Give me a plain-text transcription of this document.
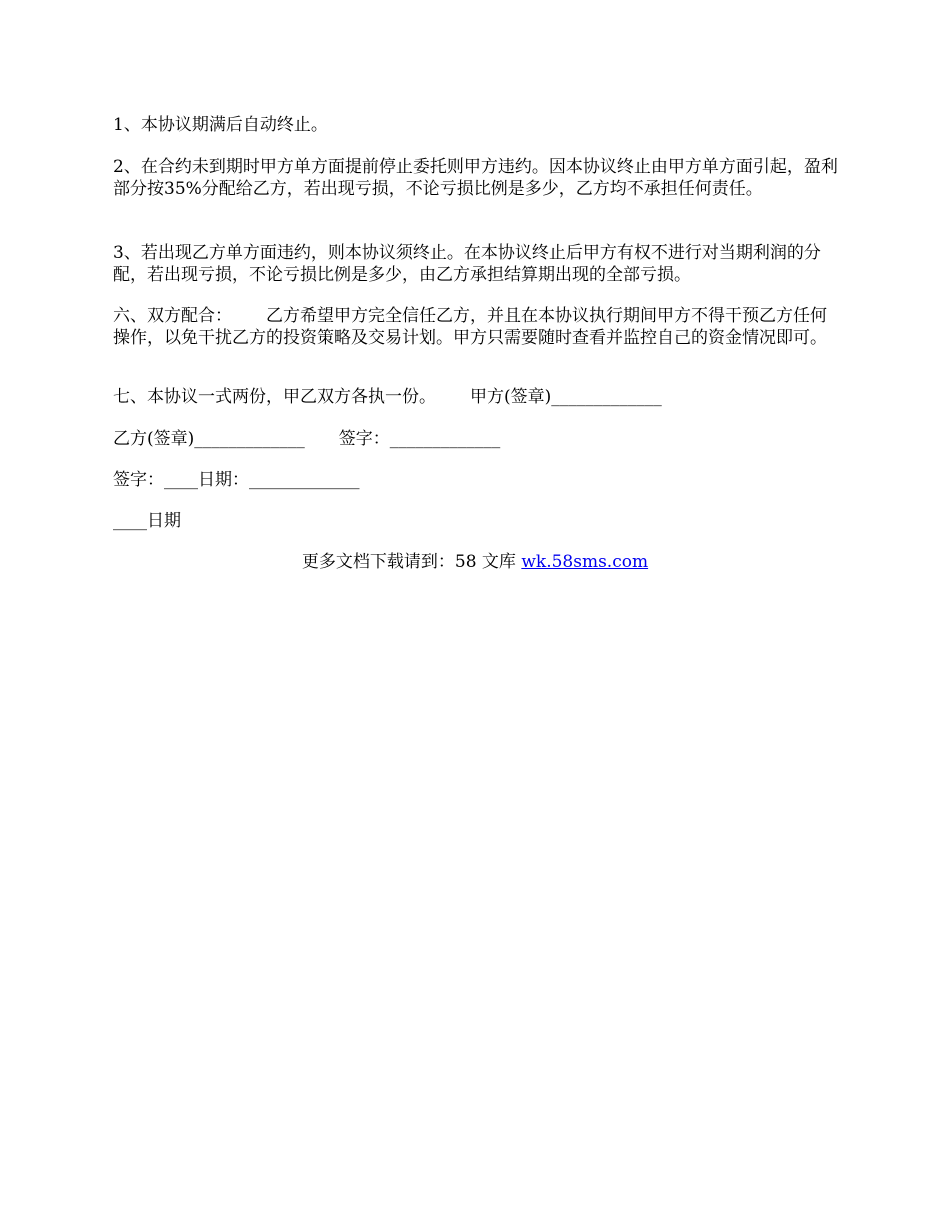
1、本协议期满后自动终止。
2、在合约未到期时甲方单方面提前停止委托则甲方违约。因本协议终止由甲方单方面引起，盈利部分按35%分配给乙方，若出现亏损，不论亏损比例是多少，乙方均不承担任何责任。
3、若出现乙方单方面违约，则本协议须终止。在本协议终止后甲方有权不进行对当期利润的分配，若出现亏损，不论亏损比例是多少，由乙方承担结算期出现的全部亏损。
六、双方配合： 乙方希望甲方完全信任乙方，并且在本协议执行期间甲方不得干预乙方任何操作，以免干扰乙方的投资策略及交易计划。甲方只需要随时查看并监控自己的资金情况即可。
七、本协议一式两份，甲乙双方各执一份。 甲方(签章)_____________
乙方(签章)_____________ 签字：_____________
签字：____日期：_____________
____日期
更多文档下载请到：58 文库 wk.58sms.com
